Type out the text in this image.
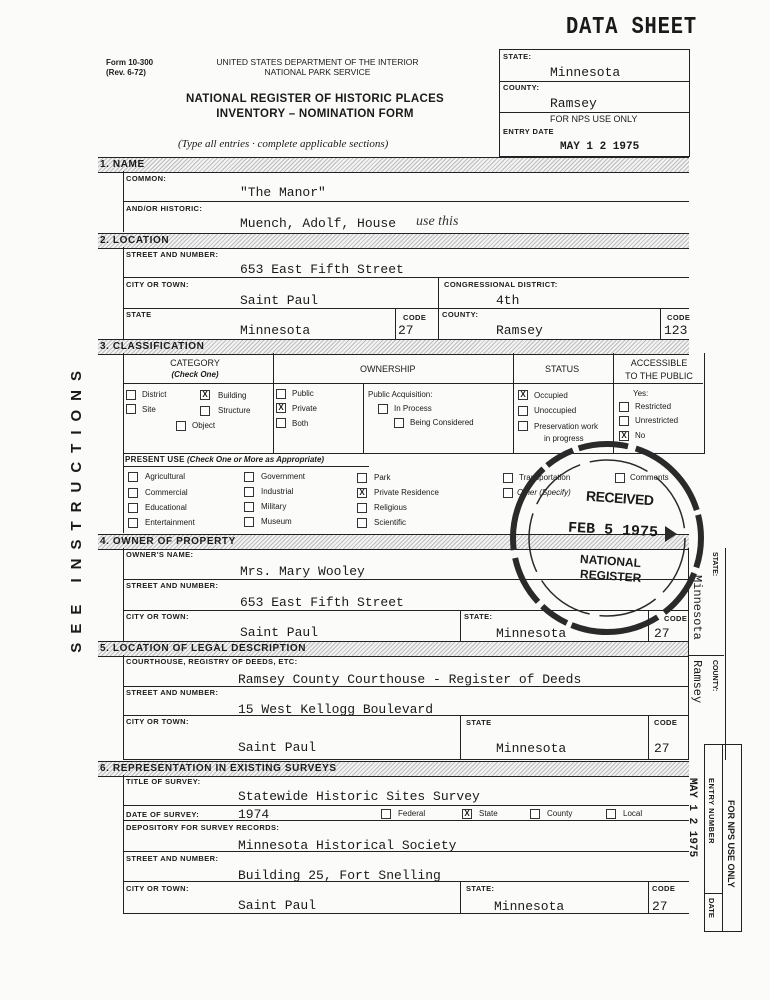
Form 10-300
(Rev. 6-72)
UNITED STATES DEPARTMENT OF THE INTERIOR
NATIONAL PARK SERVICE
NATIONAL REGISTER OF HISTORIC PLACES
INVENTORY – NOMINATION FORM
(Type all entries · complete applicable sections)
DATA SHEET
STATE:
Minnesota
COUNTY:
Ramsey
FOR NPS USE ONLY
ENTRY DATE
MAY 1 2 1975
1. NAME
COMMON:
"The Manor"
AND/OR HISTORIC:
Muench, Adolf, House use this
2. LOCATION
STREET AND NUMBER:
653 East Fifth Street
CITY OR TOWN:
Saint Paul
CONGRESSIONAL DISTRICT:
4th
STATE
Minnesota
CODE
27
COUNTY:
Ramsey
CODE
123
3. CLASSIFICATION
CATEGORY
(Check One)
OWNERSHIP	STATUS
ACCESSIBLE
TO THE PUBLIC
District	X Building
Site	Structure
Object
Public
X Private
Both
Public Acquisition:
In Process
Being Considered
X Occupied
Unoccupied
Preservation work
in progress
Yes:
Restricted
Unrestricted
X No
PRESENT USE (Check One or More as Appropriate)
Agricultural
Commercial
Educational
Entertainment
Government
Industrial
Military
Museum
Park
X Private Residence
Religious
Scientific
Transportation
Other (Specify)
Comments
4. OWNER OF PROPERTY
OWNER'S NAME:
Mrs. Mary Wooley
STREET AND NUMBER:
653 East Fifth Street
CITY OR TOWN:
Saint Paul
STATE:
Minnesota
CODE
27
5. LOCATION OF LEGAL DESCRIPTION
COURTHOUSE, REGISTRY OF DEEDS, ETC:
Ramsey County Courthouse - Register of Deeds
STREET AND NUMBER:
15 West Kellogg Boulevard
CITY OR TOWN:
Saint Paul
STATE
Minnesota
CODE
27
6. REPRESENTATION IN EXISTING SURVEYS
TITLE OF SURVEY:
Statewide Historic Sites Survey
DATE OF SURVEY:	1974	Federal	X State	County	Local
DEPOSITORY FOR SURVEY RECORDS:
Minnesota Historical Society
STREET AND NUMBER:
Building 25, Fort Snelling
CITY OR TOWN:
Saint Paul
STATE:
Minnesota
CODE
27
SEE INSTRUCTIONS	STATE:
Minnesota
COUNTY:
Ramsey
ENTRY NUMBER
DATE
FOR NPS USE ONLY
MAY 1 2 1975
RECEIVED
FEB 5 1975
NATIONAL
REGISTER
